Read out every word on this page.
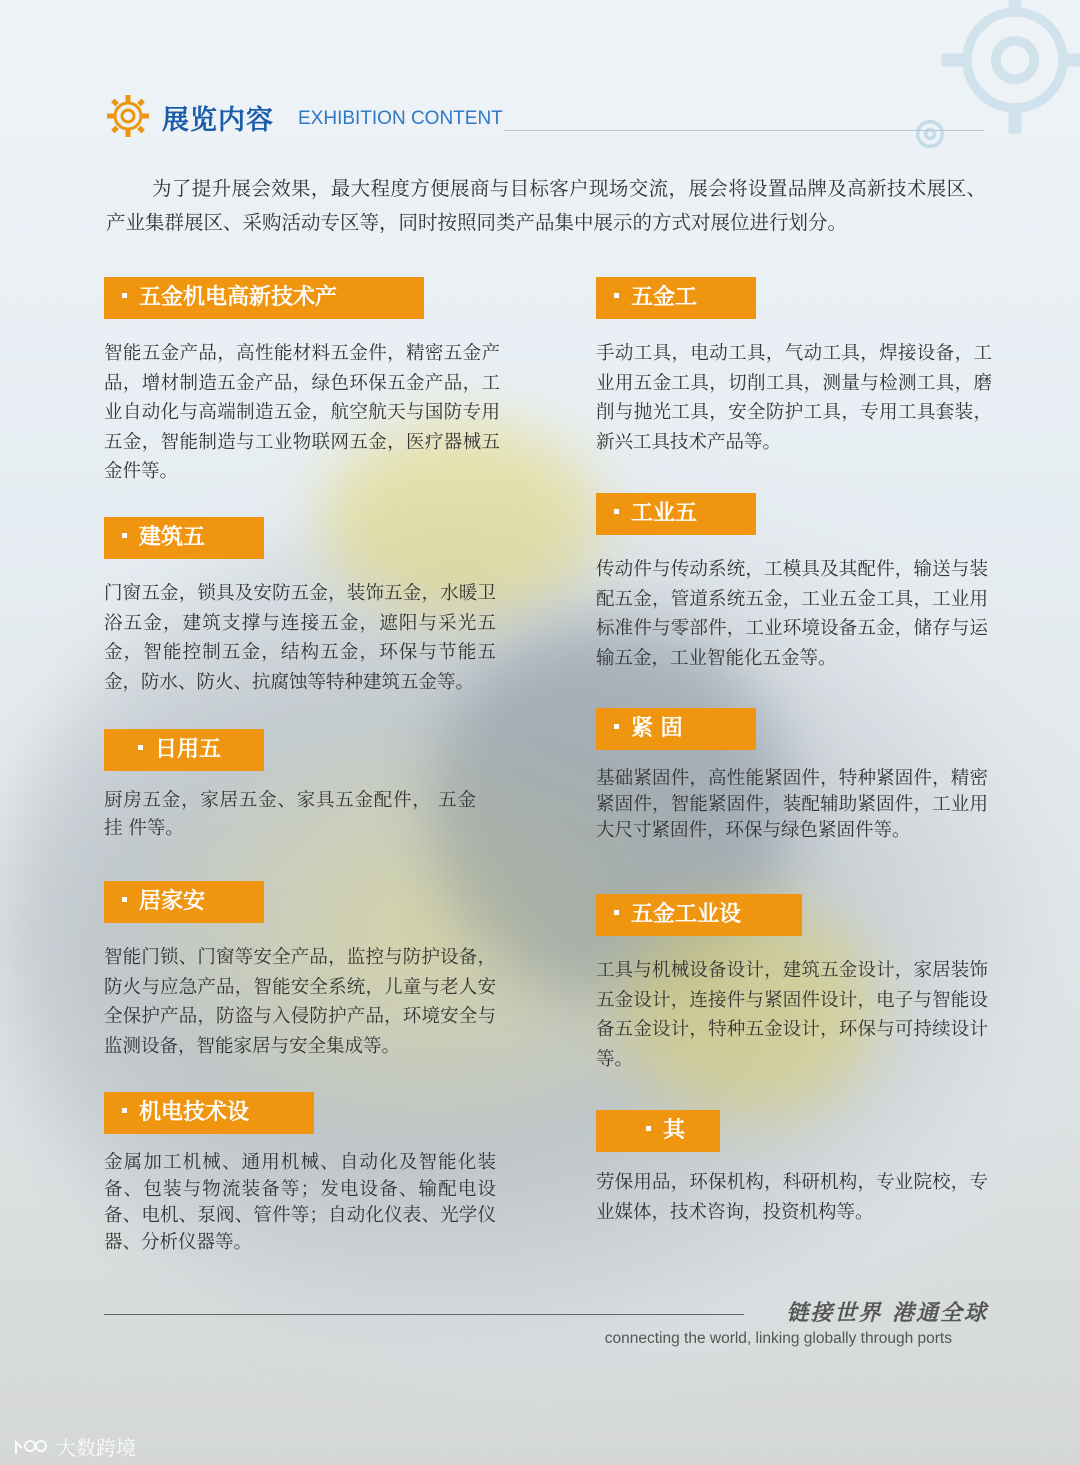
展览内容 EXHIBITION CONTENT
为了提升展会效果，最大程度方便展商与目标客户现场交流，展会将设置品牌及高新技术展区、产业集群展区、采购活动专区等，同时按照同类产品集中展示的方式对展位进行划分。
五金机电高新技术产
智能五金产品，高性能材料五金件，精密五金产品，增材制造五金产品，绿色环保五金产品，工业自动化与高端制造五金，航空航天与国防专用五金，智能制造与工业物联网五金，医疗器械五金件等。
建筑五
门窗五金，锁具及安防五金，装饰五金，水暖卫浴五金，建筑支撑与连接五金，遮阳与采光五金，智能控制五金，结构五金，环保与节能五金，防水、防火、抗腐蚀等特种建筑五金等。
日用五
厨房五金，家居五金、家具五金配件， 五金挂 件等。
居家安
智能门锁、门窗等安全产品，监控与防护设备，防火与应急产品，智能安全系统，儿童与老人安全保护产品，防盗与入侵防护产品，环境安全与监测设备，智能家居与安全集成等。
机电技术设
金属加工机械、通用机械、自动化及智能化装备、包装与物流装备等；发电设备、输配电设备、电机、泵阀、管件等；自动化仪表、光学仪器、分析仪器等。
五金工
手动工具，电动工具，气动工具，焊接设备，工业用五金工具，切削工具，测量与检测工具，磨削与抛光工具，安全防护工具，专用工具套装，新兴工具技术产品等。
工业五
传动件与传动系统，工模具及其配件，输送与装配五金，管道系统五金，工业五金工具，工业用标准件与零部件，工业环境设备五金，储存与运输五金，工业智能化五金等。
紧 固
基础紧固件，高性能紧固件，特种紧固件，精密紧固件，智能紧固件，装配辅助紧固件，工业用大尺寸紧固件，环保与绿色紧固件等。
五金工业设
工具与机械设备设计，建筑五金设计，家居装饰五金设计，连接件与紧固件设计，电子与智能设备五金设计，特种五金设计，环保与可持续设计等。
其
劳保用品，环保机构，科研机构，专业院校，专业媒体，技术咨询，投资机构等。
链接世界 港通全球
connecting the world, linking globally through ports
大数跨境
